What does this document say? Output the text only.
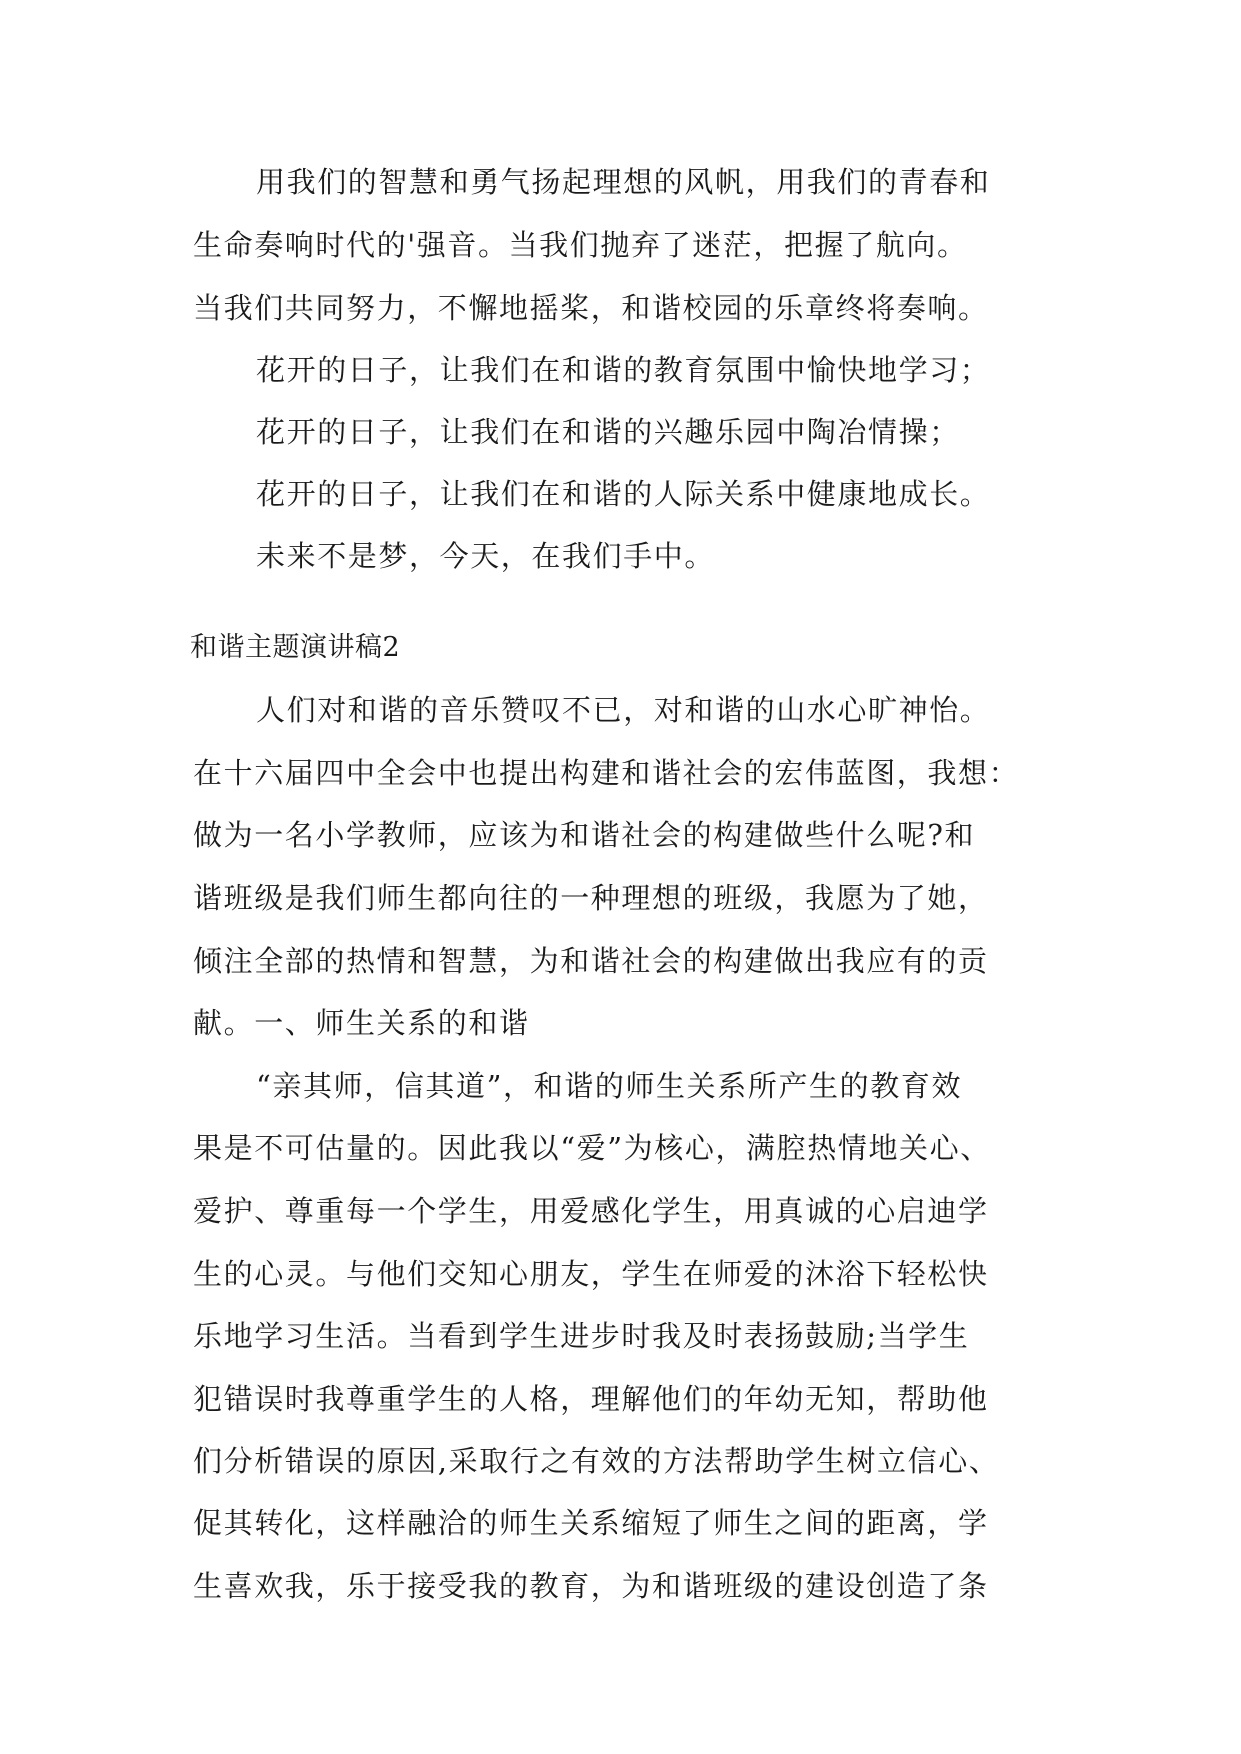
用我们的智慧和勇气扬起理想的风帆，用我们的青春和
生命奏响时代的'强音。当我们抛弃了迷茫，把握了航向。
当我们共同努力，不懈地摇桨，和谐校园的乐章终将奏响。
花开的日子，让我们在和谐的教育氛围中愉快地学习；
花开的日子，让我们在和谐的兴趣乐园中陶冶情操；
花开的日子，让我们在和谐的人际关系中健康地成长。
未来不是梦，今天，在我们手中。
和谐主题演讲稿2
人们对和谐的音乐赞叹不已，对和谐的山水心旷神怡。
在十六届四中全会中也提出构建和谐社会的宏伟蓝图，我想：
做为一名小学教师，应该为和谐社会的构建做些什么呢?和
谐班级是我们师生都向往的一种理想的班级，我愿为了她，
倾注全部的热情和智慧，为和谐社会的构建做出我应有的贡
献。一、师生关系的和谐
“亲其师，信其道”，和谐的师生关系所产生的教育效
果是不可估量的。因此我以“爱”为核心，满腔热情地关心、
爱护、尊重每一个学生，用爱感化学生，用真诚的心启迪学
生的心灵。与他们交知心朋友，学生在师爱的沐浴下轻松快
乐地学习生活。当看到学生进步时我及时表扬鼓励;当学生
犯错误时我尊重学生的人格，理解他们的年幼无知，帮助他
们分析错误的原因,采取行之有效的方法帮助学生树立信心、
促其转化，这样融洽的师生关系缩短了师生之间的距离，学
生喜欢我，乐于接受我的教育，为和谐班级的建设创造了条
